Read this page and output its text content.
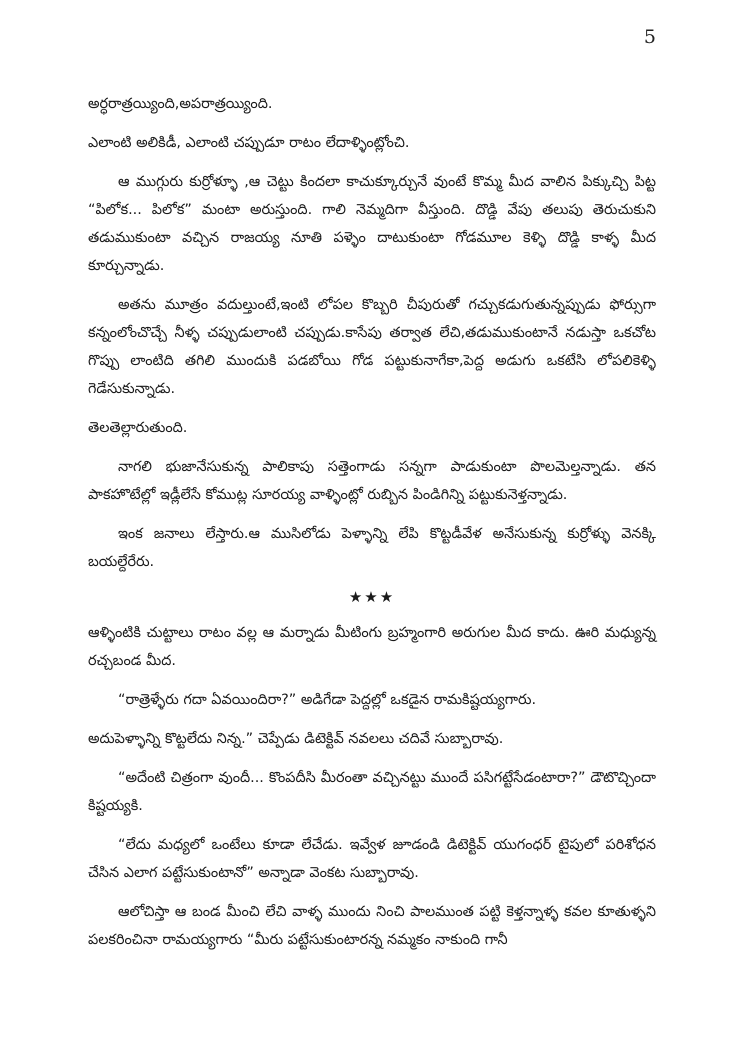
5

అర్ధరాత్రయ్యింది,అపరాత్రయ్యింది.

ఎలాంటి అలికిడీ, ఎలాంటి చప్పుడూ రాటం లేదాళ్ళింట్లోంచి.

ఆ ముగ్గురు కుర్రోళ్ళూ ,ఆ చెట్టు కిందలా కాచుక్కూర్చునే వుంటే కొమ్మ మీద వాలిన పిక్కుచ్చి పిట్ట “పిలోక... పిలోక” మంటా అరుస్తుంది. గాలి నెమ్మదిగా వీస్తుంది. దొడ్డి వేపు తలుపు తెరుచుకుని తడుముకుంటా వచ్చిన రాజయ్య నూతి పళ్ళెం దాటుకుంటా గోడమూల కెళ్ళి దొడ్డి కాళ్ళ మీద కూర్చున్నాడు.

అతను మూత్రం వదుల్తుంటే,ఇంటి లోపల కొబ్బరి చీపురుతో గచ్చుకడుగుతున్నప్పుడు ఫోర్సుగా కన్నంలోంచొచ్చే నీళ్ళ చప్పుడులాంటి చప్పుడు.కాసేపు తర్వాత లేచి,తడుముకుంటానే నడుస్తా ఒకచోట గొప్పు లాంటిది తగిలి ముందుకి పడబోయి గోడ పట్టుకునాగేకా,పెద్ద అడుగు ఒకటేసి లోపలికెళ్ళి గెడేసుకున్నాడు.

తెలతెల్లారుతుంది.

నాగలి భుజానేసుకున్న పాలికాపు సత్తెంగాడు సన్నగా పాడుకుంటా పొలమెల్తన్నాడు. తన పాకహొటేల్లో ఇడ్లీలేసే కోముట్ల సూరయ్య వాళ్ళింట్లో రుబ్బిన పిండిగిన్ని పట్టుకునెళ్తన్నాడు.

ఇంక జనాలు లేస్తారు.ఆ ముసిలోడు పెళ్ళాన్ని లేపి కొట్టడీవేళ అనేసుకున్న కుర్రోళ్ళు వెనక్కి బయల్దేరేరు.

★★★

ఆళ్ళింటికి చుట్టాలు రాటం వల్ల ఆ మర్నాడు మీటింగు బ్రహ్మంగారి అరుగుల మీద కాదు. ఊరి మధ్యున్న రచ్చబండ మీద.

“రాత్రెళ్ళేరు గదా ఏవయిందిరా?” అడిగేడా పెద్దల్లో ఒకడైన రామకిష్టయ్యగారు.

అదుపెళ్ళాన్ని కొట్టలేదు నిన్న.” చెప్పేడు డిటెక్టివ్ నవలలు చదివే సుబ్బారావు.

“అదేంటి చిత్రంగా వుందీ... కొంపదీసి మీరంతా వచ్చినట్టు ముందే పసిగట్టేసేడంటారా?” డౌటొచ్చిందా కిష్టయ్యకి.

“లేదు మధ్యలో ఒంటేలు కూడా లేచేడు. ఇవ్వేళ జూడండి డిటెక్టివ్ యుగంధర్ టైపులో పరిశోధన చేసిన ఎలాగ పట్టేసుకుంటానో” అన్నాడా వెంకట సుబ్బారావు.

ఆలోచిస్తా ఆ బండ మీంచి లేచి వాళ్ళ ముందు నించి పాలముంత పట్టి కెళ్తన్నాళ్ళ కవల కూతుళ్ళని పలకరించినా రామయ్యగారు “మీరు పట్టేసుకుంటారన్న నమ్మకం నాకుంది గానీ
